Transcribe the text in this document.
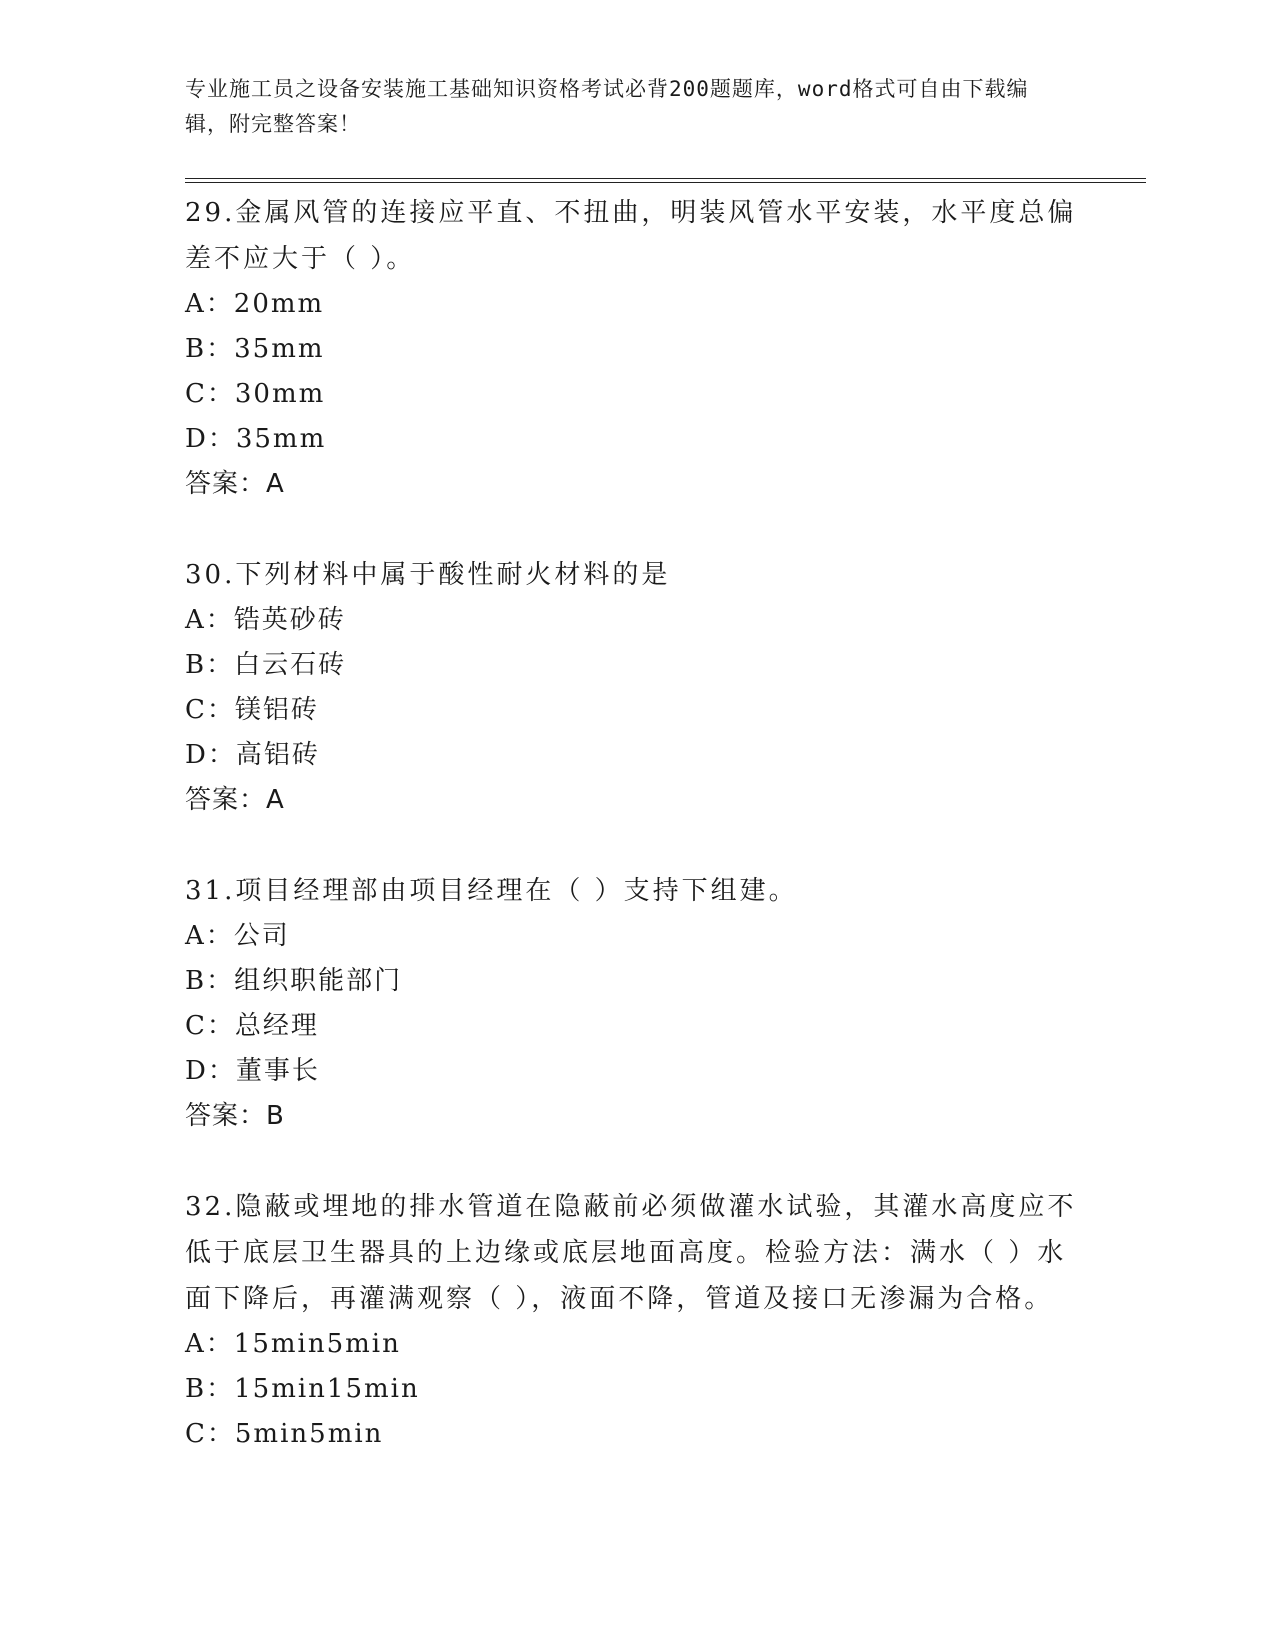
专业施工员之设备安装施工基础知识资格考试必背200题题库，word格式可自由下载编辑，附完整答案！

29.金属风管的连接应平直、不扭曲，明装风管水平安装，水平度总偏差不应大于（ ）。

A：20mm

B：35mm

C：30mm

D：35mm

答案：A

30.下列材料中属于酸性耐火材料的是

A：锆英砂砖

B：白云石砖

C：镁铝砖

D：高铝砖

答案：A

31.项目经理部由项目经理在（ ）支持下组建。

A：公司

B：组织职能部门

C：总经理

D：董事长

答案：B

32.隐蔽或埋地的排水管道在隐蔽前必须做灌水试验，其灌水高度应不低于底层卫生器具的上边缘或底层地面高度。检验方法：满水（ ）水面下降后，再灌满观察（ ），液面不降，管道及接口无渗漏为合格。

A：15min5min

B：15min15min

C：5min5min
